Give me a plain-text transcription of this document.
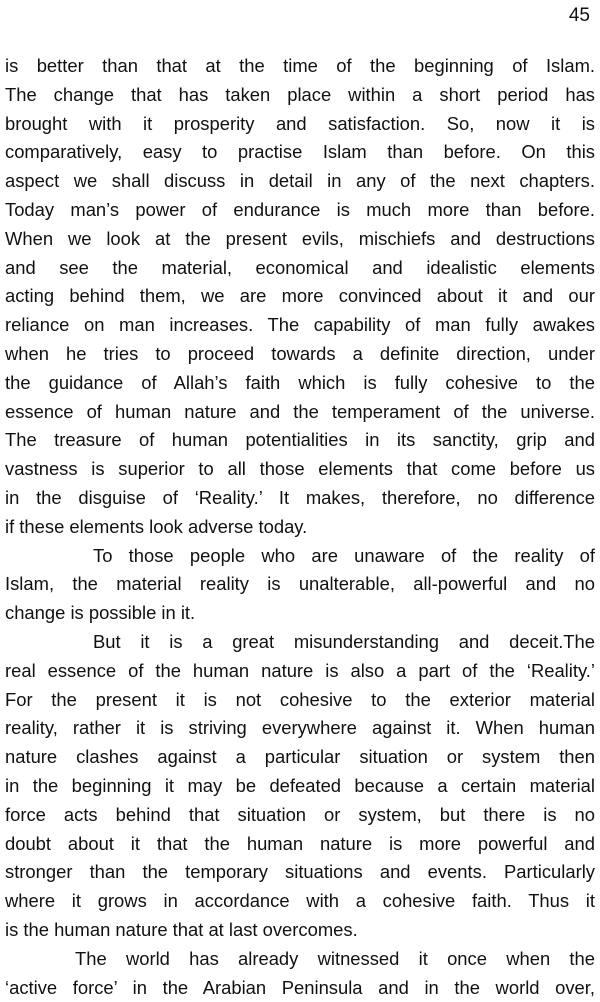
45
is better than that at the time of the beginning of Islam.
The change that has taken place within a short period has
brought with it prosperity and satisfaction. So, now it is
comparatively, easy to practise Islam than before. On this
aspect we shall discuss in detail in any of the next chapters.
Today man’s power of endurance is much more than before.
When we look at the present evils, mischiefs and destructions
and see the material, economical and idealistic elements
acting behind them, we are more convinced about it and our
reliance on man increases. The capability of man fully awakes
when he tries to proceed towards a definite direction, under
the guidance of Allah’s faith which is fully cohesive to the
essence of human nature and the temperament of the universe.
The treasure of human potentialities in its sanctity, grip and
vastness is superior to all those elements that come before us
in the disguise of ‘Reality.’ It makes, therefore, no difference
if these elements look adverse today.
To those people who are unaware of the reality of
Islam, the material reality is unalterable, all-powerful and no
change is possible in it.
But it is a great misunderstanding and deceit.The
real essence of the human nature is also a part of the ‘Reality.’
For the present it is not cohesive to the exterior material
reality, rather it is striving everywhere against it. When human
nature clashes against a particular situation or system then
in the beginning it may be defeated because a certain material
force acts behind that situation or system, but there is no
doubt about it that the human nature is more powerful and
stronger than the temporary situations and events. Particularly
where it grows in accordance with a cohesive faith. Thus it
is the human nature that at last overcomes.
The world has already witnessed it once when the
‘active force’ in the Arabian Peninsula and in the world over,
